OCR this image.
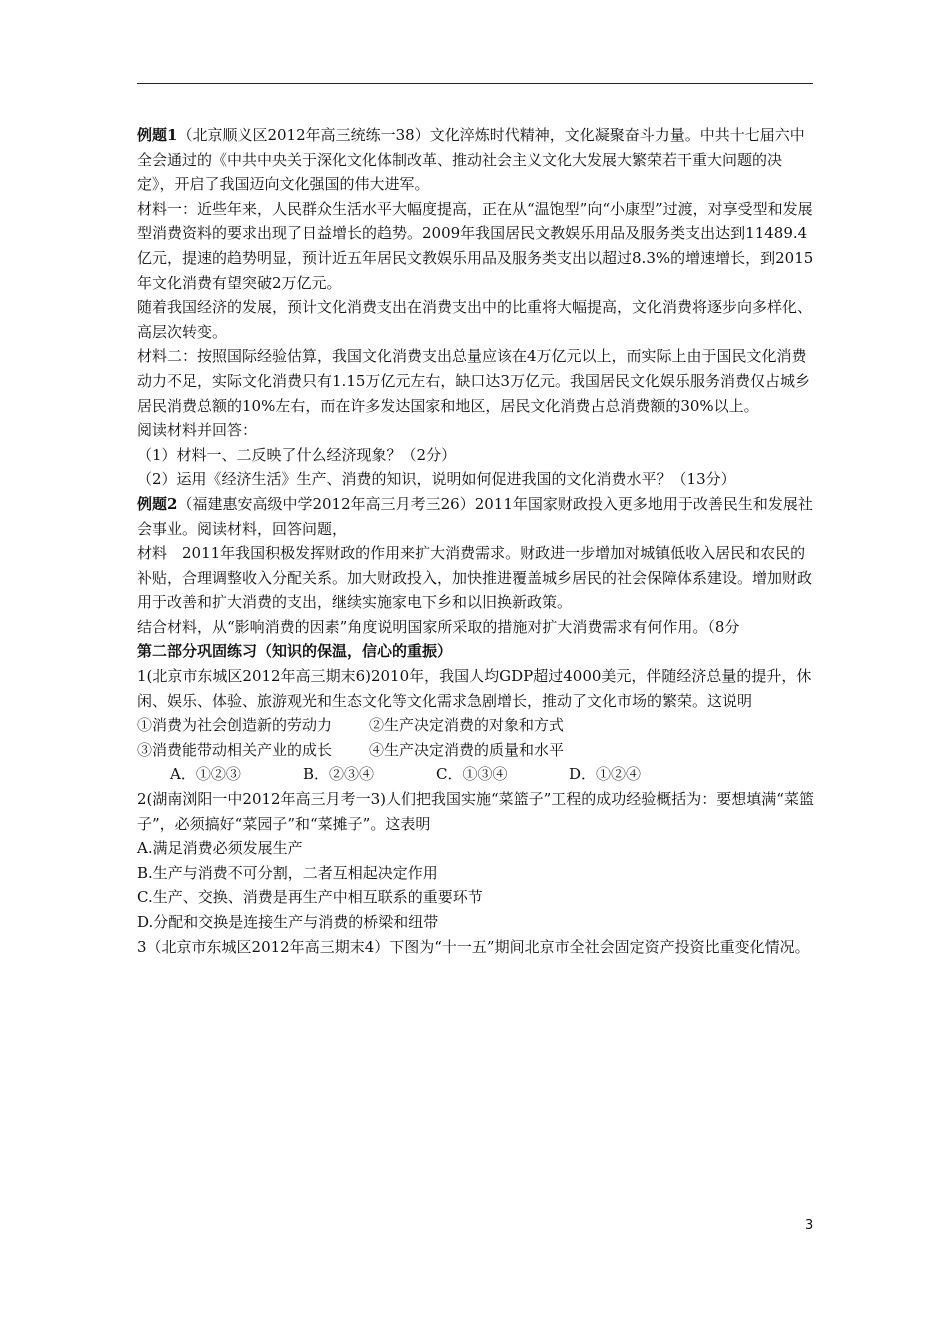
例题1（北京顺义区2012年高三统练一38）文化淬炼时代精神，文化凝聚奋斗力量。中共十七届六中全会通过的《中共中央关于深化文化体制改革、推动社会主义文化大发展大繁荣若干重大问题的决定》，开启了我国迈向文化强国的伟大进军。

材料一：近些年来，人民群众生活水平大幅度提高，正在从“温饱型”向“小康型”过渡，对享受型和发展型消费资料的要求出现了日益增长的趋势。2009年我国居民文教娱乐用品及服务类支出达到11489.4亿元，提速的趋势明显，预计近五年居民文教娱乐用品及服务类支出以超过8.3%的增速增长，到2015年文化消费有望突破2万亿元。

随着我国经济的发展，预计文化消费支出在消费支出中的比重将大幅提高，文化消费将逐步向多样化、高层次转变。

材料二：按照国际经验估算，我国文化消费支出总量应该在4万亿元以上，而实际上由于国民文化消费动力不足，实际文化消费只有1.15万亿元左右，缺口达3万亿元。我国居民文化娱乐服务消费仅占城乡居民消费总额的10%左右，而在许多发达国家和地区，居民文化消费占总消费额的30%以上。

阅读材料并回答：

（1）材料一、二反映了什么经济现象？（2分）

（2）运用《经济生活》生产、消费的知识，说明如何促进我国的文化消费水平？（13分）

例题2（福建惠安高级中学2012年高三月考三26）2011年国家财政投入更多地用于改善民生和发展社会事业。阅读材料，回答问题，

材料　2011年我国积极发挥财政的作用来扩大消费需求。财政进一步增加对城镇低收入居民和农民的补贴，合理调整收入分配关系。加大财政投入，加快推进覆盖城乡居民的社会保障体系建设。增加财政用于改善和扩大消费的支出，继续实施家电下乡和以旧换新政策。

结合材料，从“影响消费的因素”角度说明国家所采取的措施对扩大消费需求有何作用。（8分

第二部分巩固练习（知识的保温，信心的重振）

1(北京市东城区2012年高三期末6)2010年，我国人均GDP超过4000美元，伴随经济总量的提升，休闲、娱乐、体验、旅游观光和生态文化等文化需求急剧增长，推动了文化市场的繁荣。这说明

①消费为社会创造新的劳动力	②生产决定消费的对象和方式
③消费能带动相关产业的成长	④生产决定消费的质量和水平
A．①②③	B．②③④	C．①③④	D．①②④

2(湖南浏阳一中2012年高三月考一3)人们把我国实施“菜篮子”工程的成功经验概括为：要想填满“菜篮子”，必须搞好“菜园子”和“菜摊子”。这表明

A.满足消费必须发展生产

B.生产与消费不可分割，二者互相起决定作用

C.生产、交换、消费是再生产中相互联系的重要环节

D.分配和交换是连接生产与消费的桥梁和纽带

3（北京市东城区2012年高三期末4）下图为“十一五”期间北京市全社会固定资产投资比重变化情况。

3
